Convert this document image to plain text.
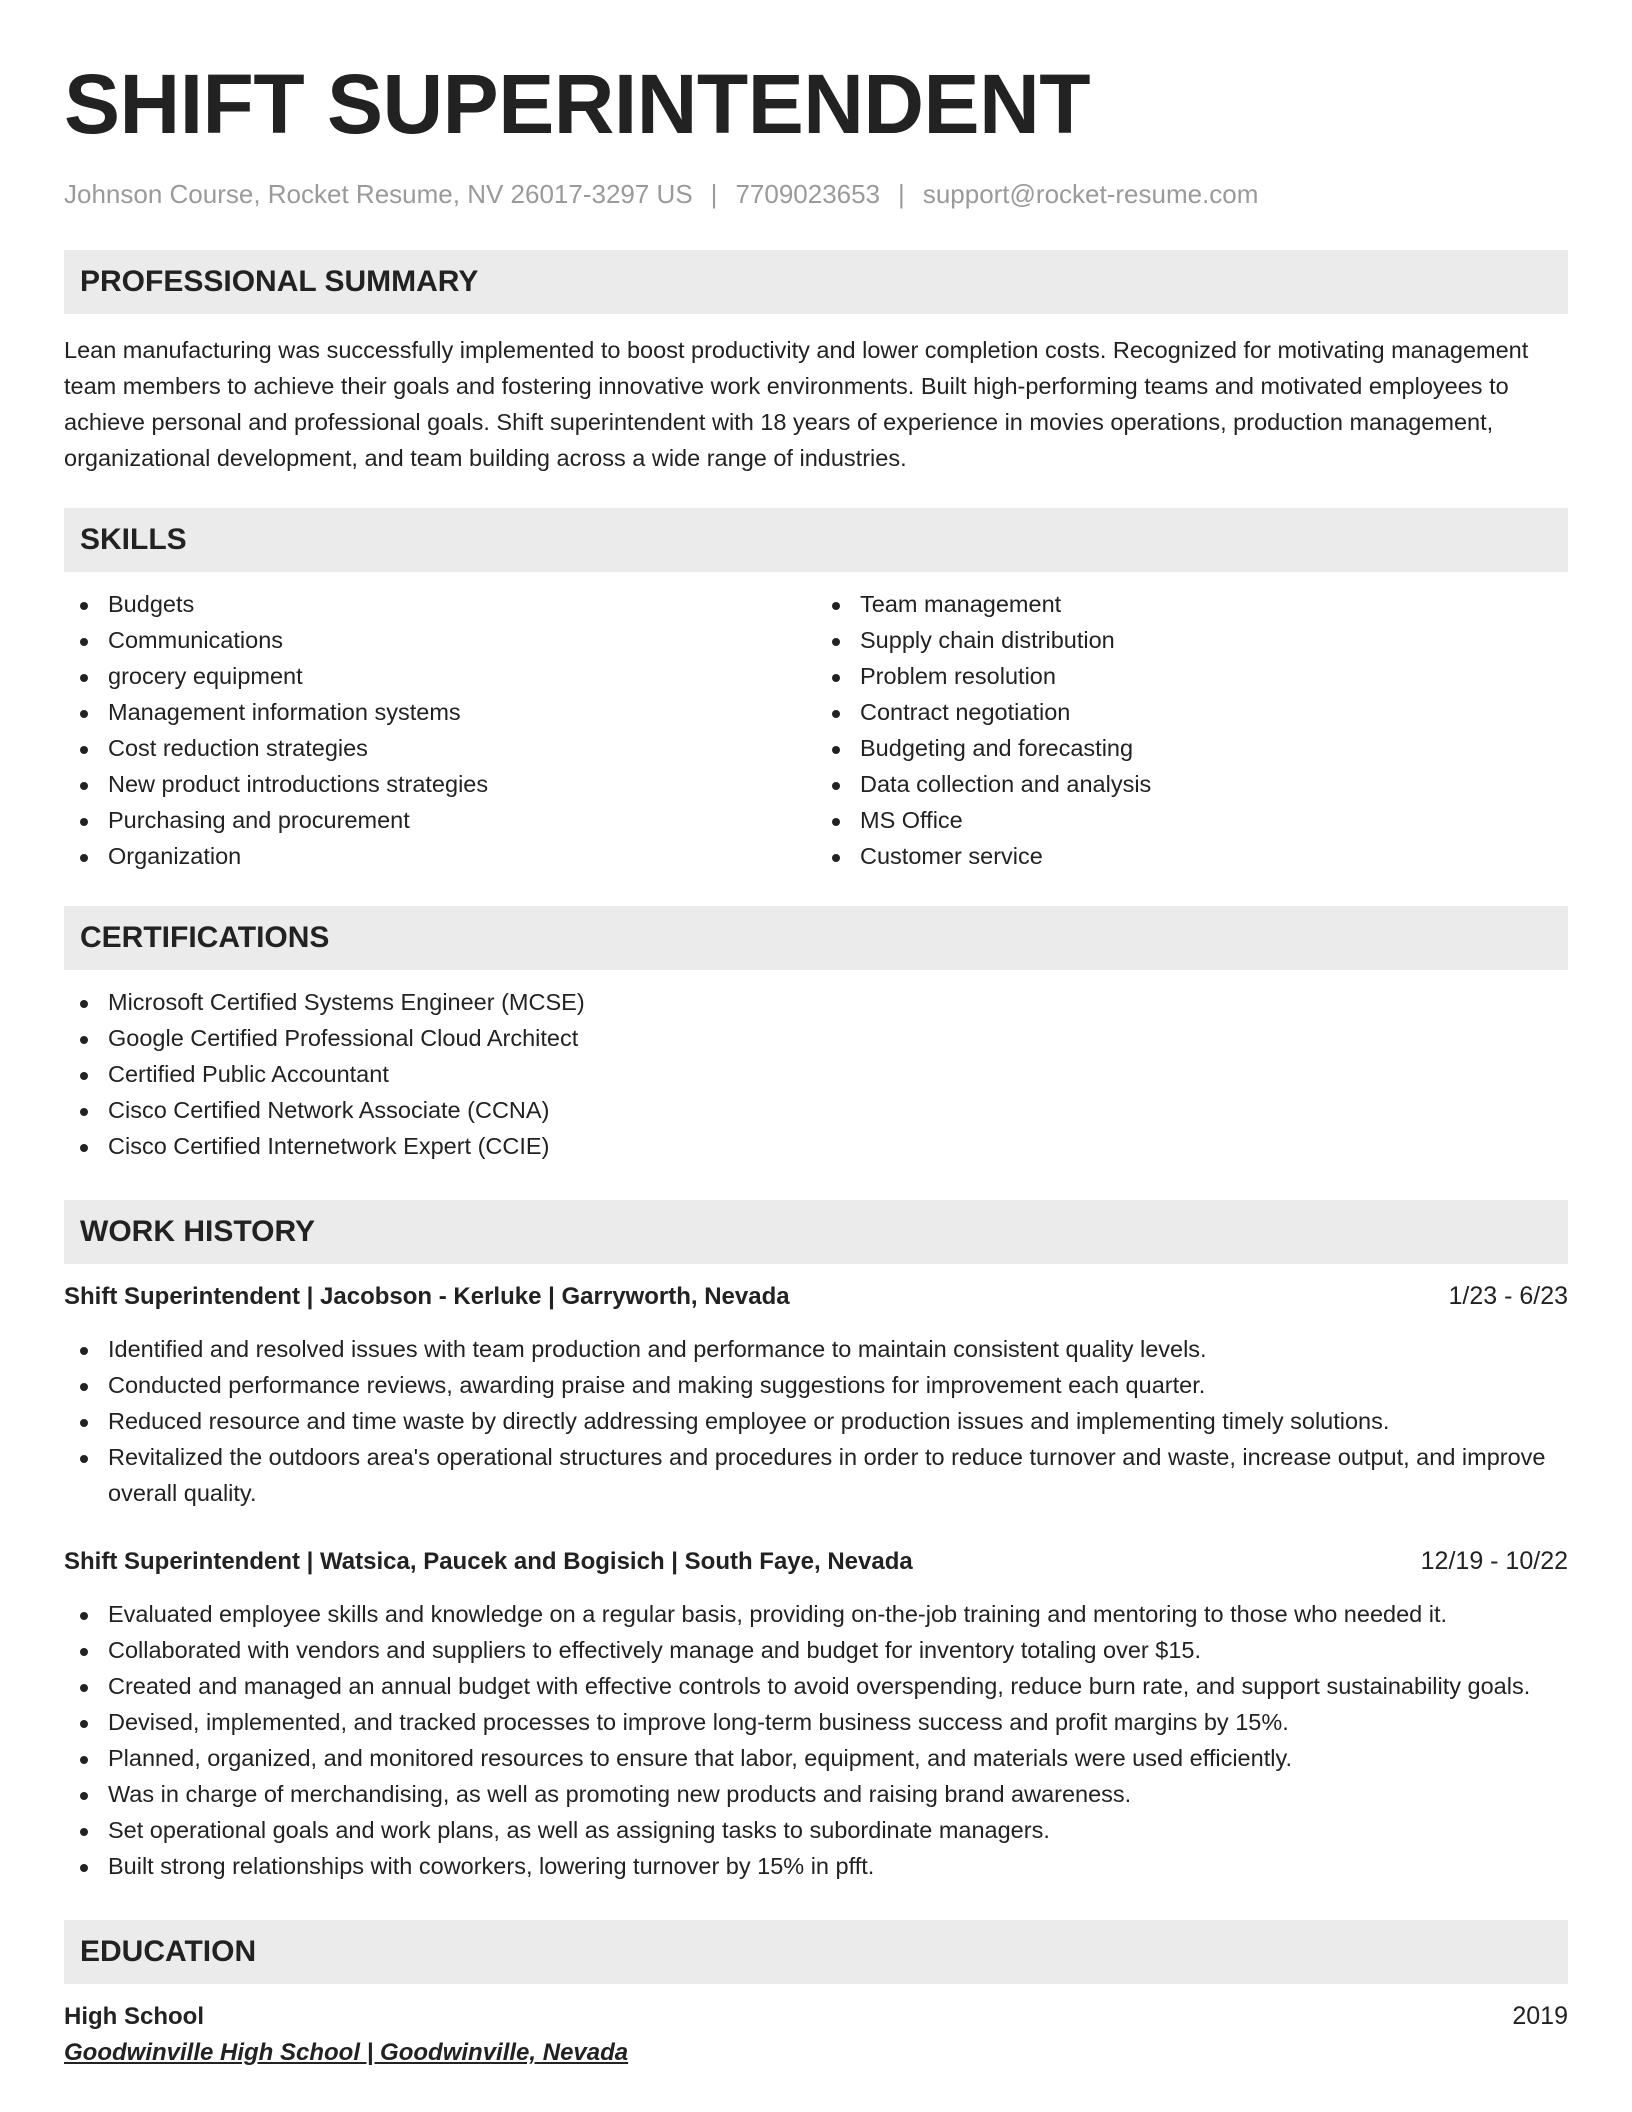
SHIFT SUPERINTENDENT
Johnson Course, Rocket Resume, NV 26017-3297 US | 7709023653 | support@rocket-resume.com
PROFESSIONAL SUMMARY
Lean manufacturing was successfully implemented to boost productivity and lower completion costs. Recognized for motivating management team members to achieve their goals and fostering innovative work environments. Built high-performing teams and motivated employees to achieve personal and professional goals. Shift superintendent with 18 years of experience in movies operations, production management, organizational development, and team building across a wide range of industries.
SKILLS
Budgets
Communications
grocery equipment
Management information systems
Cost reduction strategies
New product introductions strategies
Purchasing and procurement
Organization
Team management
Supply chain distribution
Problem resolution
Contract negotiation
Budgeting and forecasting
Data collection and analysis
MS Office
Customer service
CERTIFICATIONS
Microsoft Certified Systems Engineer (MCSE)
Google Certified Professional Cloud Architect
Certified Public Accountant
Cisco Certified Network Associate (CCNA)
Cisco Certified Internetwork Expert (CCIE)
WORK HISTORY
Shift Superintendent | Jacobson - Kerluke | Garryworth, Nevada	1/23 - 6/23
Identified and resolved issues with team production and performance to maintain consistent quality levels.
Conducted performance reviews, awarding praise and making suggestions for improvement each quarter.
Reduced resource and time waste by directly addressing employee or production issues and implementing timely solutions.
Revitalized the outdoors area's operational structures and procedures in order to reduce turnover and waste, increase output, and improve overall quality.
Shift Superintendent | Watsica, Paucek and Bogisich | South Faye, Nevada	12/19 - 10/22
Evaluated employee skills and knowledge on a regular basis, providing on-the-job training and mentoring to those who needed it.
Collaborated with vendors and suppliers to effectively manage and budget for inventory totaling over $15.
Created and managed an annual budget with effective controls to avoid overspending, reduce burn rate, and support sustainability goals.
Devised, implemented, and tracked processes to improve long-term business success and profit margins by 15%.
Planned, organized, and monitored resources to ensure that labor, equipment, and materials were used efficiently.
Was in charge of merchandising, as well as promoting new products and raising brand awareness.
Set operational goals and work plans, as well as assigning tasks to subordinate managers.
Built strong relationships with coworkers, lowering turnover by 15% in pfft.
EDUCATION
High School	2019
Goodwinville High School | Goodwinville, Nevada
